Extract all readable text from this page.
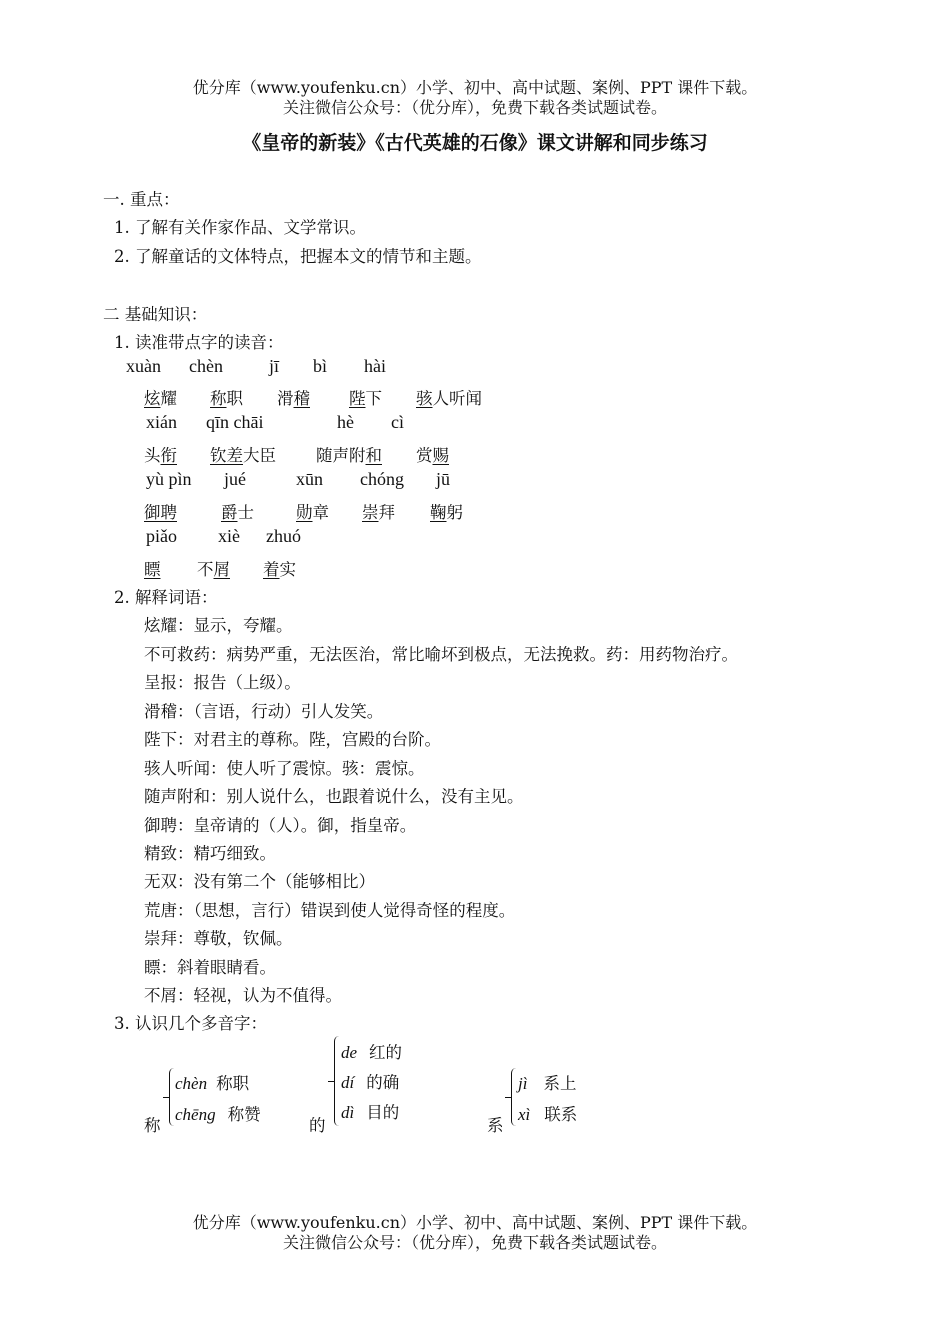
优分库（www.youfenku.cn）小学、初中、高中试题、案例、PPT 课件下载。
关注微信公众号：（优分库），免费下载各类试题试卷。
《皇帝的新装》《古代英雄的石像》课文讲解和同步练习
一. 重点：
1. 了解有关作家作品、文学常识。
2. 了解童话的文体特点，把握本文的情节和主题。
二 基础知识：
1. 读准带点字的读音：
xuàn chèn	jī bì hài
炫耀 称职 滑稽 陛下 骇人听闻
xián qīn chāi	hè cì
头衔 钦差大臣 随声附和 赏赐
yù pìn jué	xūn chóng jū
御聘	爵士	勋章 崇拜 鞠躬
piǎo xiè zhuó
瞟 不屑 着实
2. 解释词语：
炫耀：显示，夸耀。
不可救药：病势严重，无法医治，常比喻坏到极点，无法挽救。药：用药物治疗。
呈报：报告（上级）。
滑稽：（言语，行动）引人发笑。
陛下：对君主的尊称。陛，宫殿的台阶。
骇人听闻：使人听了震惊。骇：震惊。
随声附和：别人说什么，也跟着说什么，没有主见。
御聘：皇帝请的（人）。御，指皇帝。
精致：精巧细致。
无双：没有第二个（能够相比）
荒唐：（思想，言行）错误到使人觉得奇怪的程度。
崇拜：尊敬，钦佩。
瞟：斜着眼睛看。
不屑：轻视，认为不值得。
3. 认识几个多音字：
称
chèn 称职
chēng 称赞
的
de 红的
dí 的确
dì 目的
系
jì 系上
xì 联系
优分库（www.youfenku.cn）小学、初中、高中试题、案例、PPT 课件下载。
关注微信公众号：（优分库），免费下载各类试题试卷。
